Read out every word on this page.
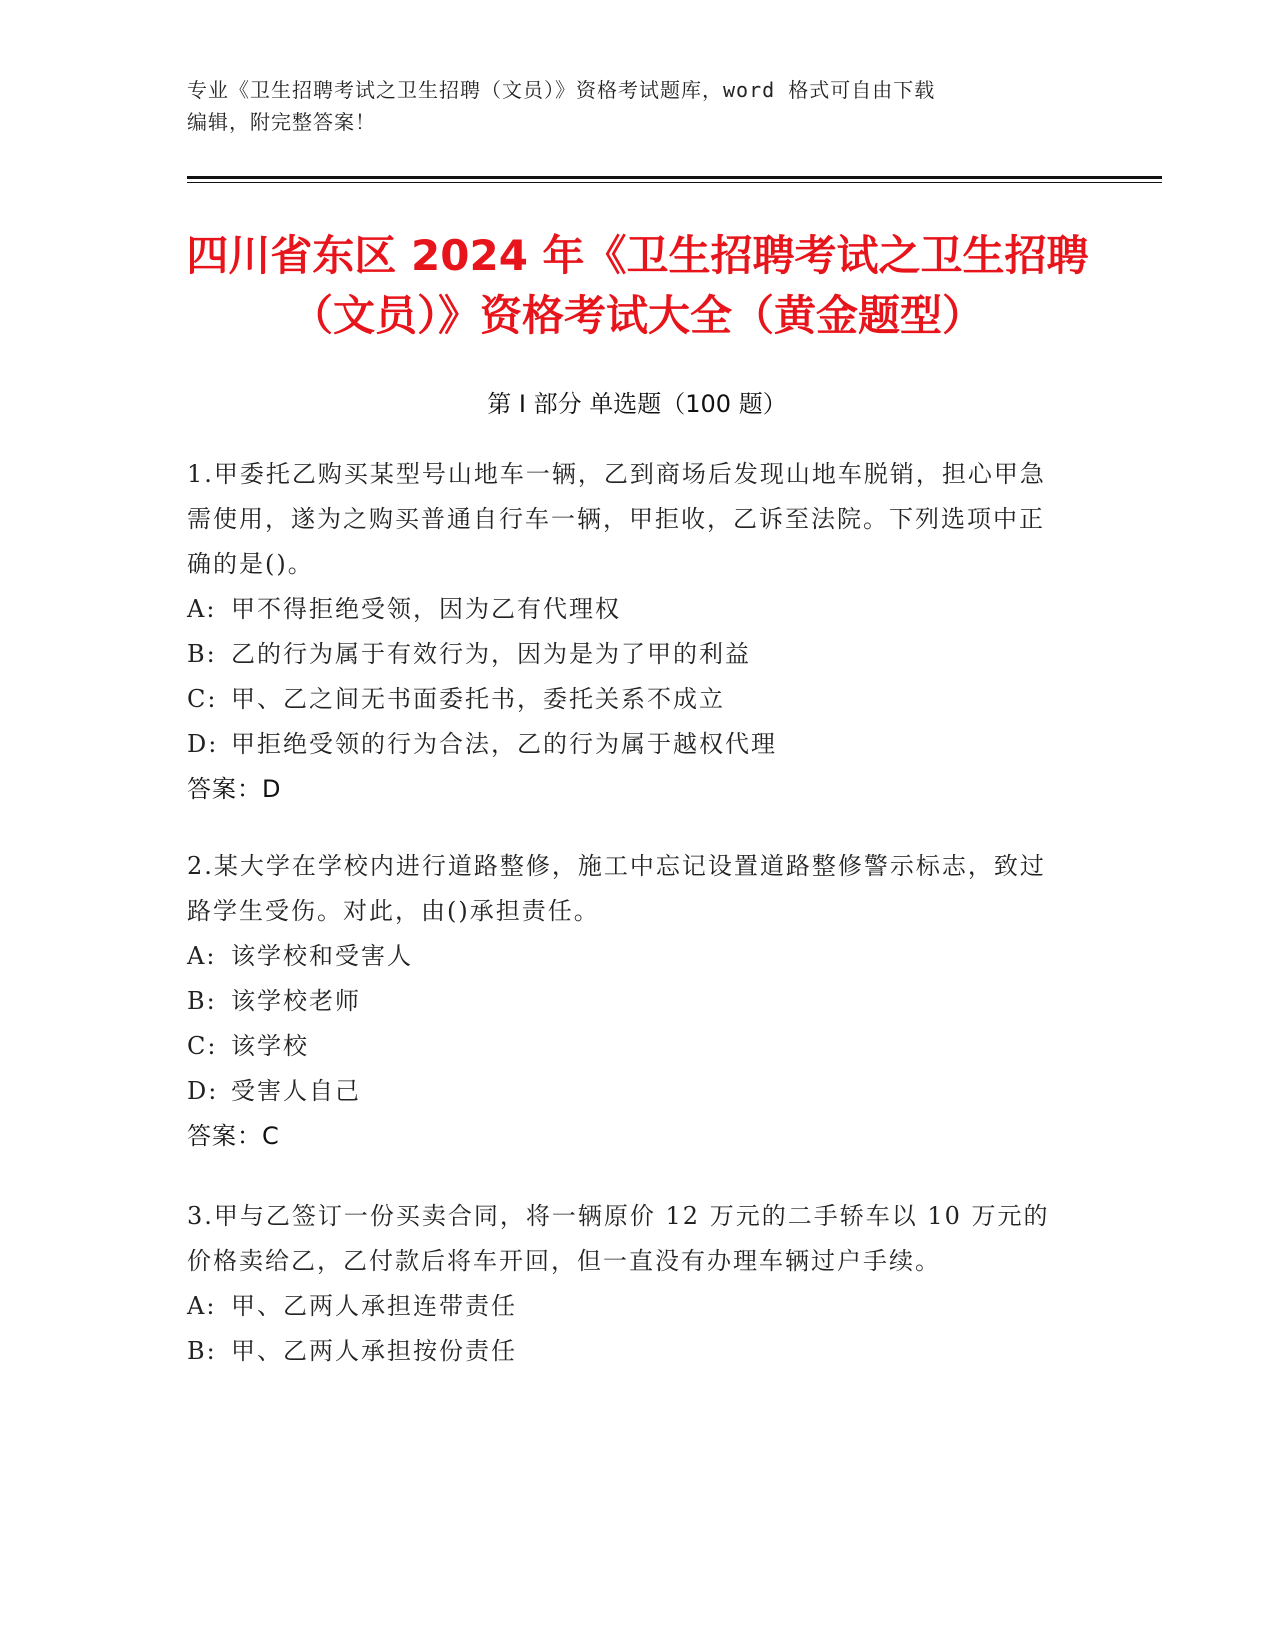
专业《卫生招聘考试之卫生招聘（文员）》资格考试题库，word 格式可自由下载
编辑，附完整答案！
四川省东区 2024 年《卫生招聘考试之卫生招聘（文员）》资格考试大全（黄金题型）
第 I 部分 单选题（100 题）
1.甲委托乙购买某型号山地车一辆，乙到商场后发现山地车脱销，担心甲急需使用，遂为之购买普通自行车一辆，甲拒收，乙诉至法院。下列选项中正确的是()。
A: 甲不得拒绝受领，因为乙有代理权
B: 乙的行为属于有效行为，因为是为了甲的利益
C: 甲、乙之间无书面委托书，委托关系不成立
D: 甲拒绝受领的行为合法，乙的行为属于越权代理
答案：D
2.某大学在学校内进行道路整修，施工中忘记设置道路整修警示标志，致过路学生受伤。对此，由()承担责任。
A: 该学校和受害人
B: 该学校老师
C: 该学校
D: 受害人自己
答案：C
3.甲与乙签订一份买卖合同，将一辆原价 12 万元的二手轿车以 10 万元的价格卖给乙，乙付款后将车开回，但一直没有办理车辆过户手续。
A: 甲、乙两人承担连带责任
B: 甲、乙两人承担按份责任
